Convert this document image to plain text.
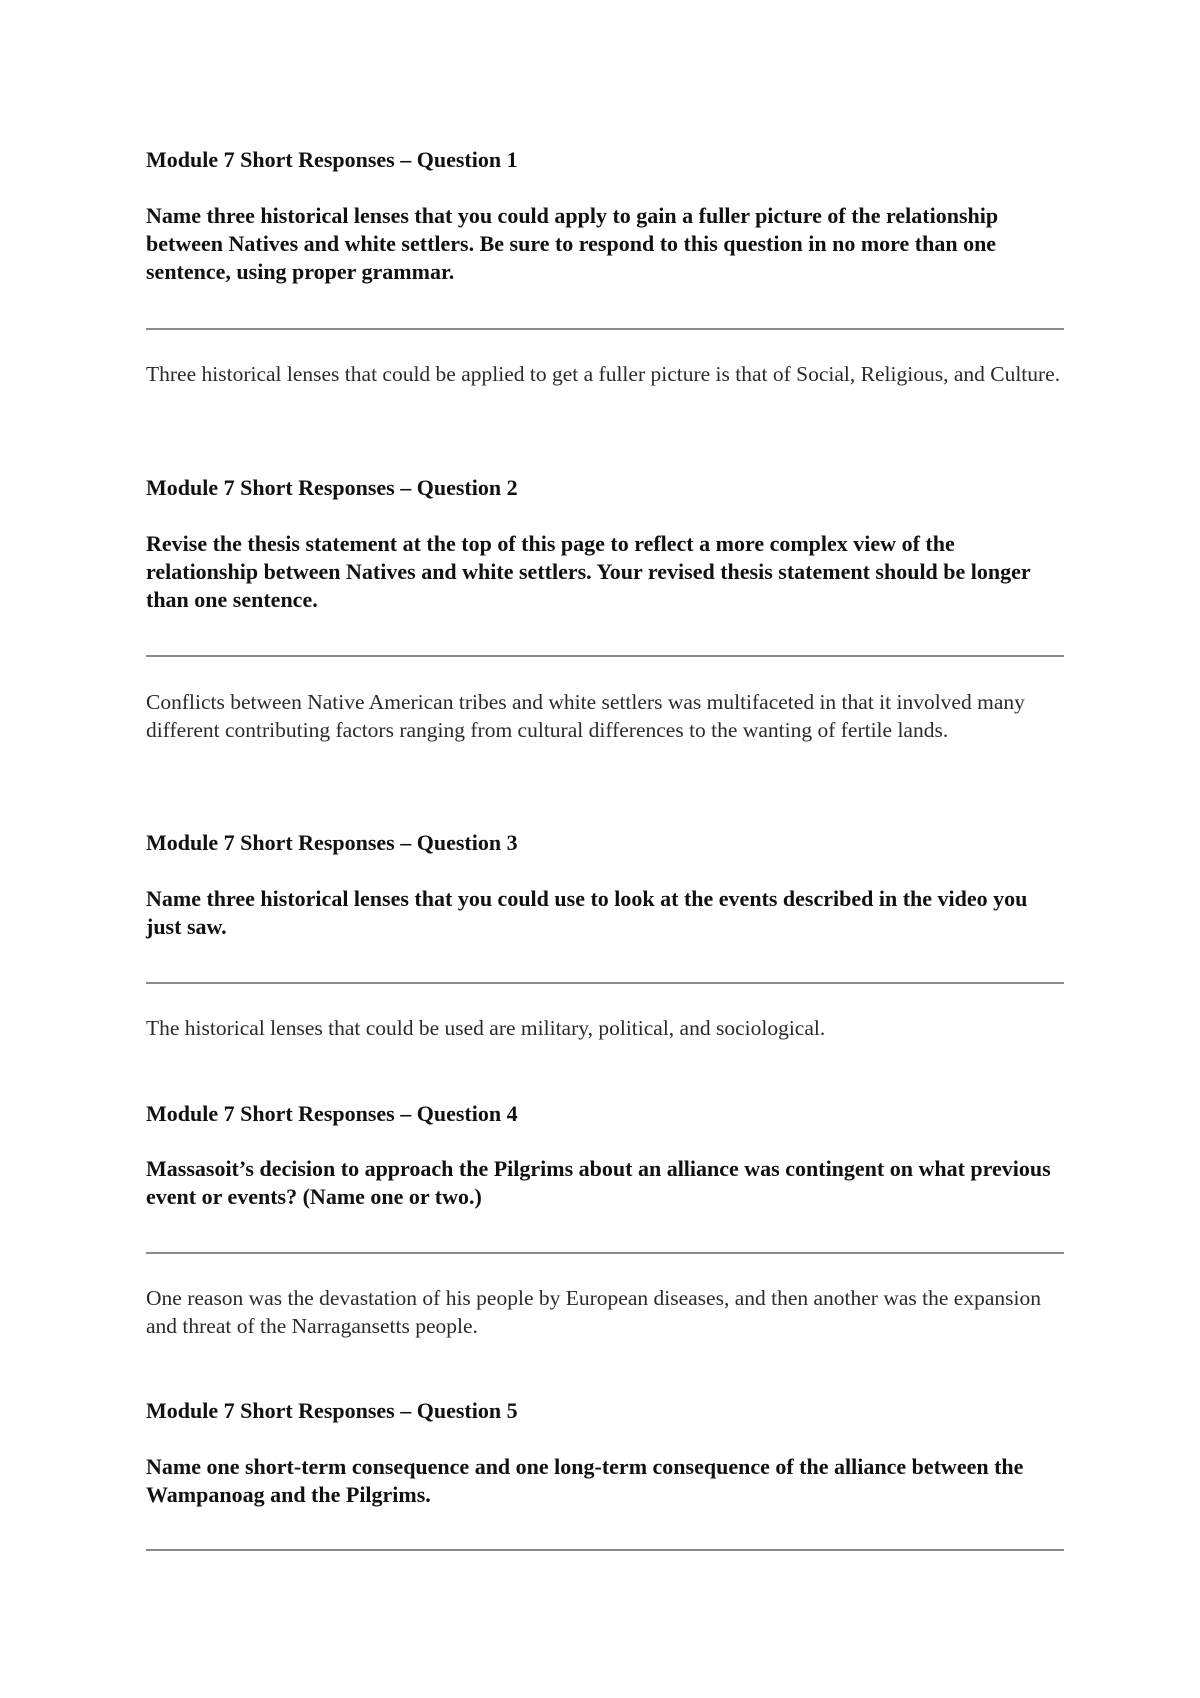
Module 7 Short Responses – Question 1

Name three historical lenses that you could apply to gain a fuller picture of the relationship between Natives and white settlers. Be sure to respond to this question in no more than one sentence, using proper grammar.

Three historical lenses that could be applied to get a fuller picture is that of Social, Religious, and Culture.

Module 7 Short Responses – Question 2

Revise the thesis statement at the top of this page to reflect a more complex view of the relationship between Natives and white settlers. Your revised thesis statement should be longer than one sentence.

Conflicts between Native American tribes and white settlers was multifaceted in that it involved many different contributing factors ranging from cultural differences to the wanting of fertile lands.

Module 7 Short Responses – Question 3

Name three historical lenses that you could use to look at the events described in the video you just saw.

The historical lenses that could be used are military, political, and sociological.

Module 7 Short Responses – Question 4

Massasoit’s decision to approach the Pilgrims about an alliance was contingent on what previous event or events? (Name one or two.)

One reason was the devastation of his people by European diseases, and then another was the expansion and threat of the Narragansetts people.

Module 7 Short Responses – Question 5

Name one short-term consequence and one long-term consequence of the alliance between the Wampanoag and the Pilgrims.
